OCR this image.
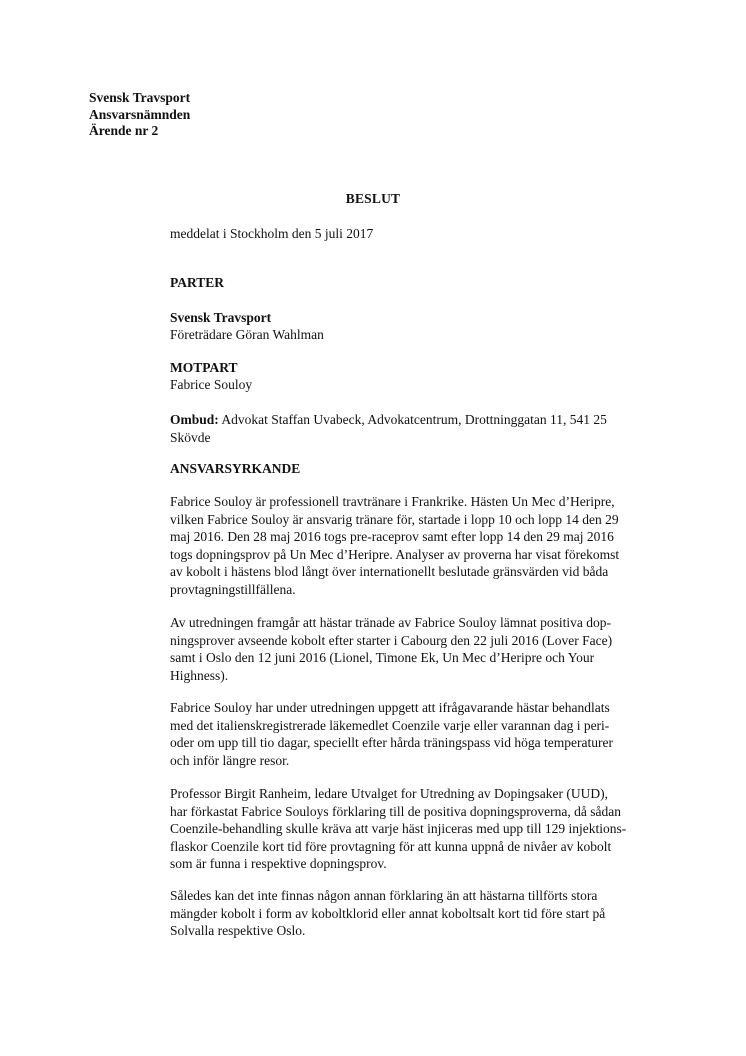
Svensk Travsport
Ansvarsnämnden
Ärende nr 2
BESLUT

meddelat i Stockholm den 5 juli 2017

PARTER

Svensk Travsport

Företrädare Göran Wahlman

MOTPART

Fabrice Souloy

Ombud: Advokat Staffan Uvabeck, Advokatcentrum, Drottninggatan 11, 541 25
Skövde

ANSVARSYRKANDE

Fabrice Souloy är professionell travtränare i Frankrike. Hästen Un Mec d’Heripre,
vilken Fabrice Souloy är ansvarig tränare för, startade i lopp 10 och lopp 14 den 29
maj 2016. Den 28 maj 2016 togs pre-raceprov samt efter lopp 14 den 29 maj 2016
togs dopningsprov på Un Mec d’Heripre. Analyser av proverna har visat förekomst
av kobolt i hästens blod långt över internationellt beslutade gränsvärden vid båda
provtagningstillfällena.

Av utredningen framgår att hästar tränade av Fabrice Souloy lämnat positiva dop-
ningsprover avseende kobolt efter starter i Cabourg den 22 juli 2016 (Lover Face)
samt i Oslo den 12 juni 2016 (Lionel, Timone Ek, Un Mec d’Heripre och Your
Highness).

Fabrice Souloy har under utredningen uppgett att ifrågavarande hästar behandlats
med det italienskregistrerade läkemedlet Coenzile varje eller varannan dag i peri-
oder om upp till tio dagar, speciellt efter hårda träningspass vid höga temperaturer
och inför längre resor.

Professor Birgit Ranheim, ledare Utvalget for Utredning av Dopingsaker (UUD),
har förkastat Fabrice Souloys förklaring till de positiva dopningsproverna, då sådan
Coenzile-behandling skulle kräva att varje häst injiceras med upp till 129 injektions-
flaskor Coenzile kort tid före provtagning för att kunna uppnå de nivåer av kobolt
som är funna i respektive dopningsprov.

Således kan det inte finnas någon annan förklaring än att hästarna tillförts stora
mängder kobolt i form av koboltklorid eller annat koboltsalt kort tid före start på
Solvalla respektive Oslo.
